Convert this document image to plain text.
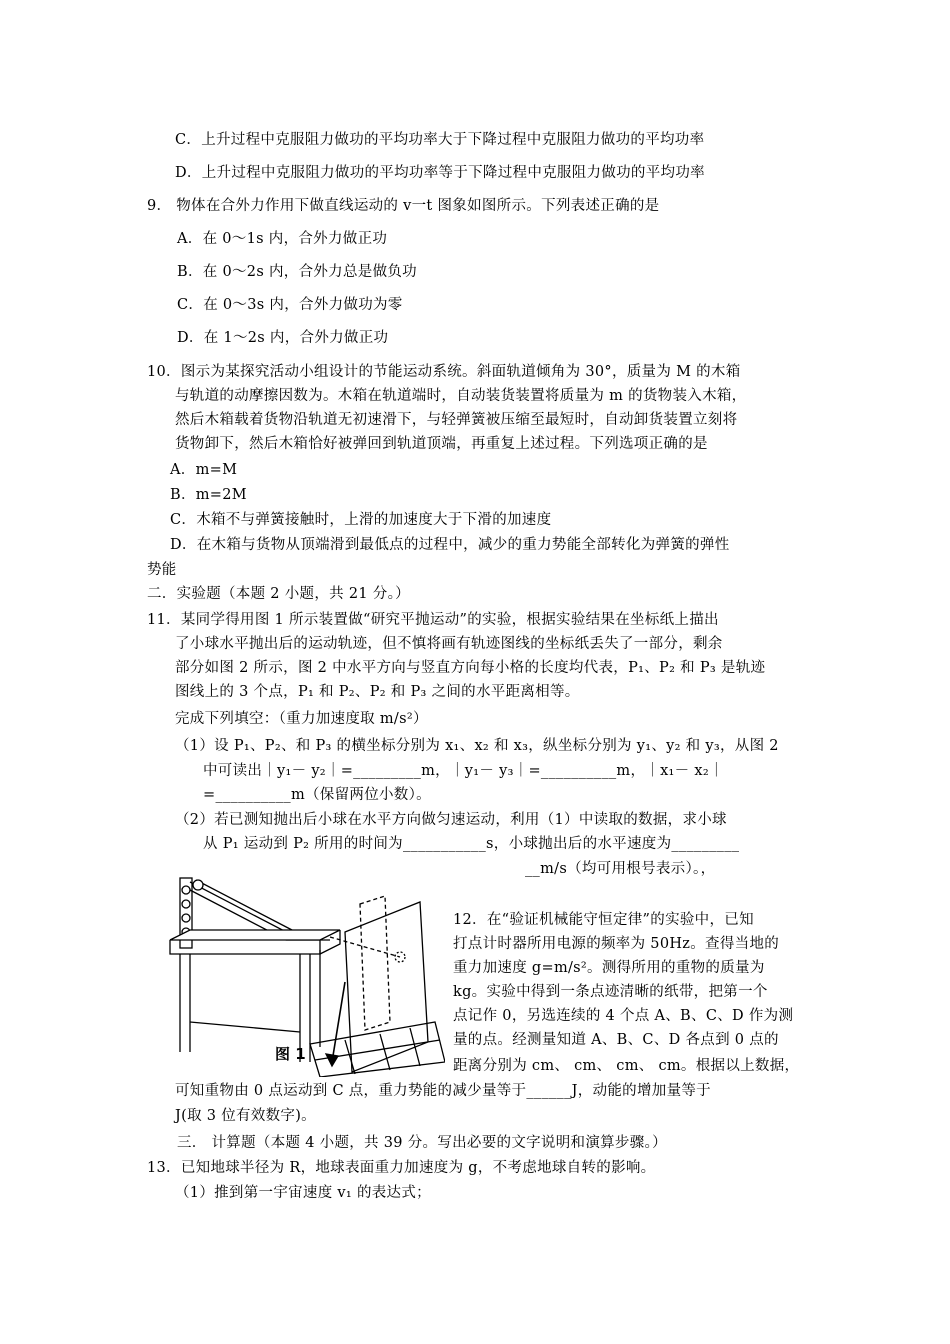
C．上升过程中克服阻力做功的平均功率大于下降过程中克服阻力做功的平均功率
D．上升过程中克服阻力做功的平均功率等于下降过程中克服阻力做功的平均功率
9． 物体在合外力作用下做直线运动的 v一t 图象如图所示。下列表述正确的是
A．在 0～1s 内，合外力做正功
B．在 0～2s 内，合外力总是做负功
C．在 0～3s 内，合外力做功为零
D．在 1～2s 内，合外力做正功
10．图示为某探究活动小组设计的节能运动系统。斜面轨道倾角为 30°，质量为 M 的木箱
与轨道的动摩擦因数为。木箱在轨道端时，自动装货装置将质量为 m 的货物装入木箱，
然后木箱载着货物沿轨道无初速滑下，与轻弹簧被压缩至最短时，自动卸货装置立刻将
货物卸下，然后木箱恰好被弹回到轨道顶端，再重复上述过程。下列选项正确的是
A．m=M
B．m=2M
C．木箱不与弹簧接触时，上滑的加速度大于下滑的加速度
D．在木箱与货物从顶端滑到最低点的过程中，减少的重力势能全部转化为弹簧的弹性
势能
二．实验题（本题 2 小题，共 21 分。）
11．某同学得用图 1 所示装置做“研究平抛运动”的实验，根据实验结果在坐标纸上描出
了小球水平抛出后的运动轨迹，但不慎将画有轨迹图线的坐标纸丢失了一部分，剩余
部分如图 2 所示，图 2 中水平方向与竖直方向每小格的长度均代表，P₁、P₂ 和 P₃ 是轨迹
图线上的 3 个点，P₁ 和 P₂、P₂ 和 P₃ 之间的水平距离相等。
完成下列填空：（重力加速度取 m/s²）
（1）设 P₁、P₂、和 P₃ 的横坐标分别为 x₁、x₂ 和 x₃，纵坐标分别为 y₁、y₂ 和 y₃，从图 2
中可读出｜y₁－ y₂｜=_________m，｜y₁－ y₃｜=__________m，｜x₁－ x₂｜
=__________m（保留两位小数）。
（2）若已测知抛出后小球在水平方向做匀速运动，利用（1）中读取的数据，求小球
从 P₁ 运动到 P₂ 所用的时间为___________s，小球抛出后的水平速度为_________
__m/s（均可用根号表示）。，
12．在“验证机械能守恒定律”的实验中，已知
打点计时器所用电源的频率为 50Hz。查得当地的
重力加速度 g=m/s²。测得所用的重物的质量为
kg。实验中得到一条点迹清晰的纸带，把第一个
点记作 0，另选连续的 4 个点 A、B、C、D 作为测
量的点。经测量知道 A、B、C、D 各点到 0 点的
距离分别为 cm、 cm、 cm、 cm。根据以上数据，
可知重物由 0 点运动到 C 点，重力势能的减少量等于______J，动能的增加量等于
J(取 3 位有效数字)。
三． 计算题（本题 4 小题，共 39 分。写出必要的文字说明和演算步骤。）
13．已知地球半径为 R，地球表面重力加速度为 g，不考虑地球自转的影响。
（1）推到第一宇宙速度 v₁ 的表达式；
图 1
